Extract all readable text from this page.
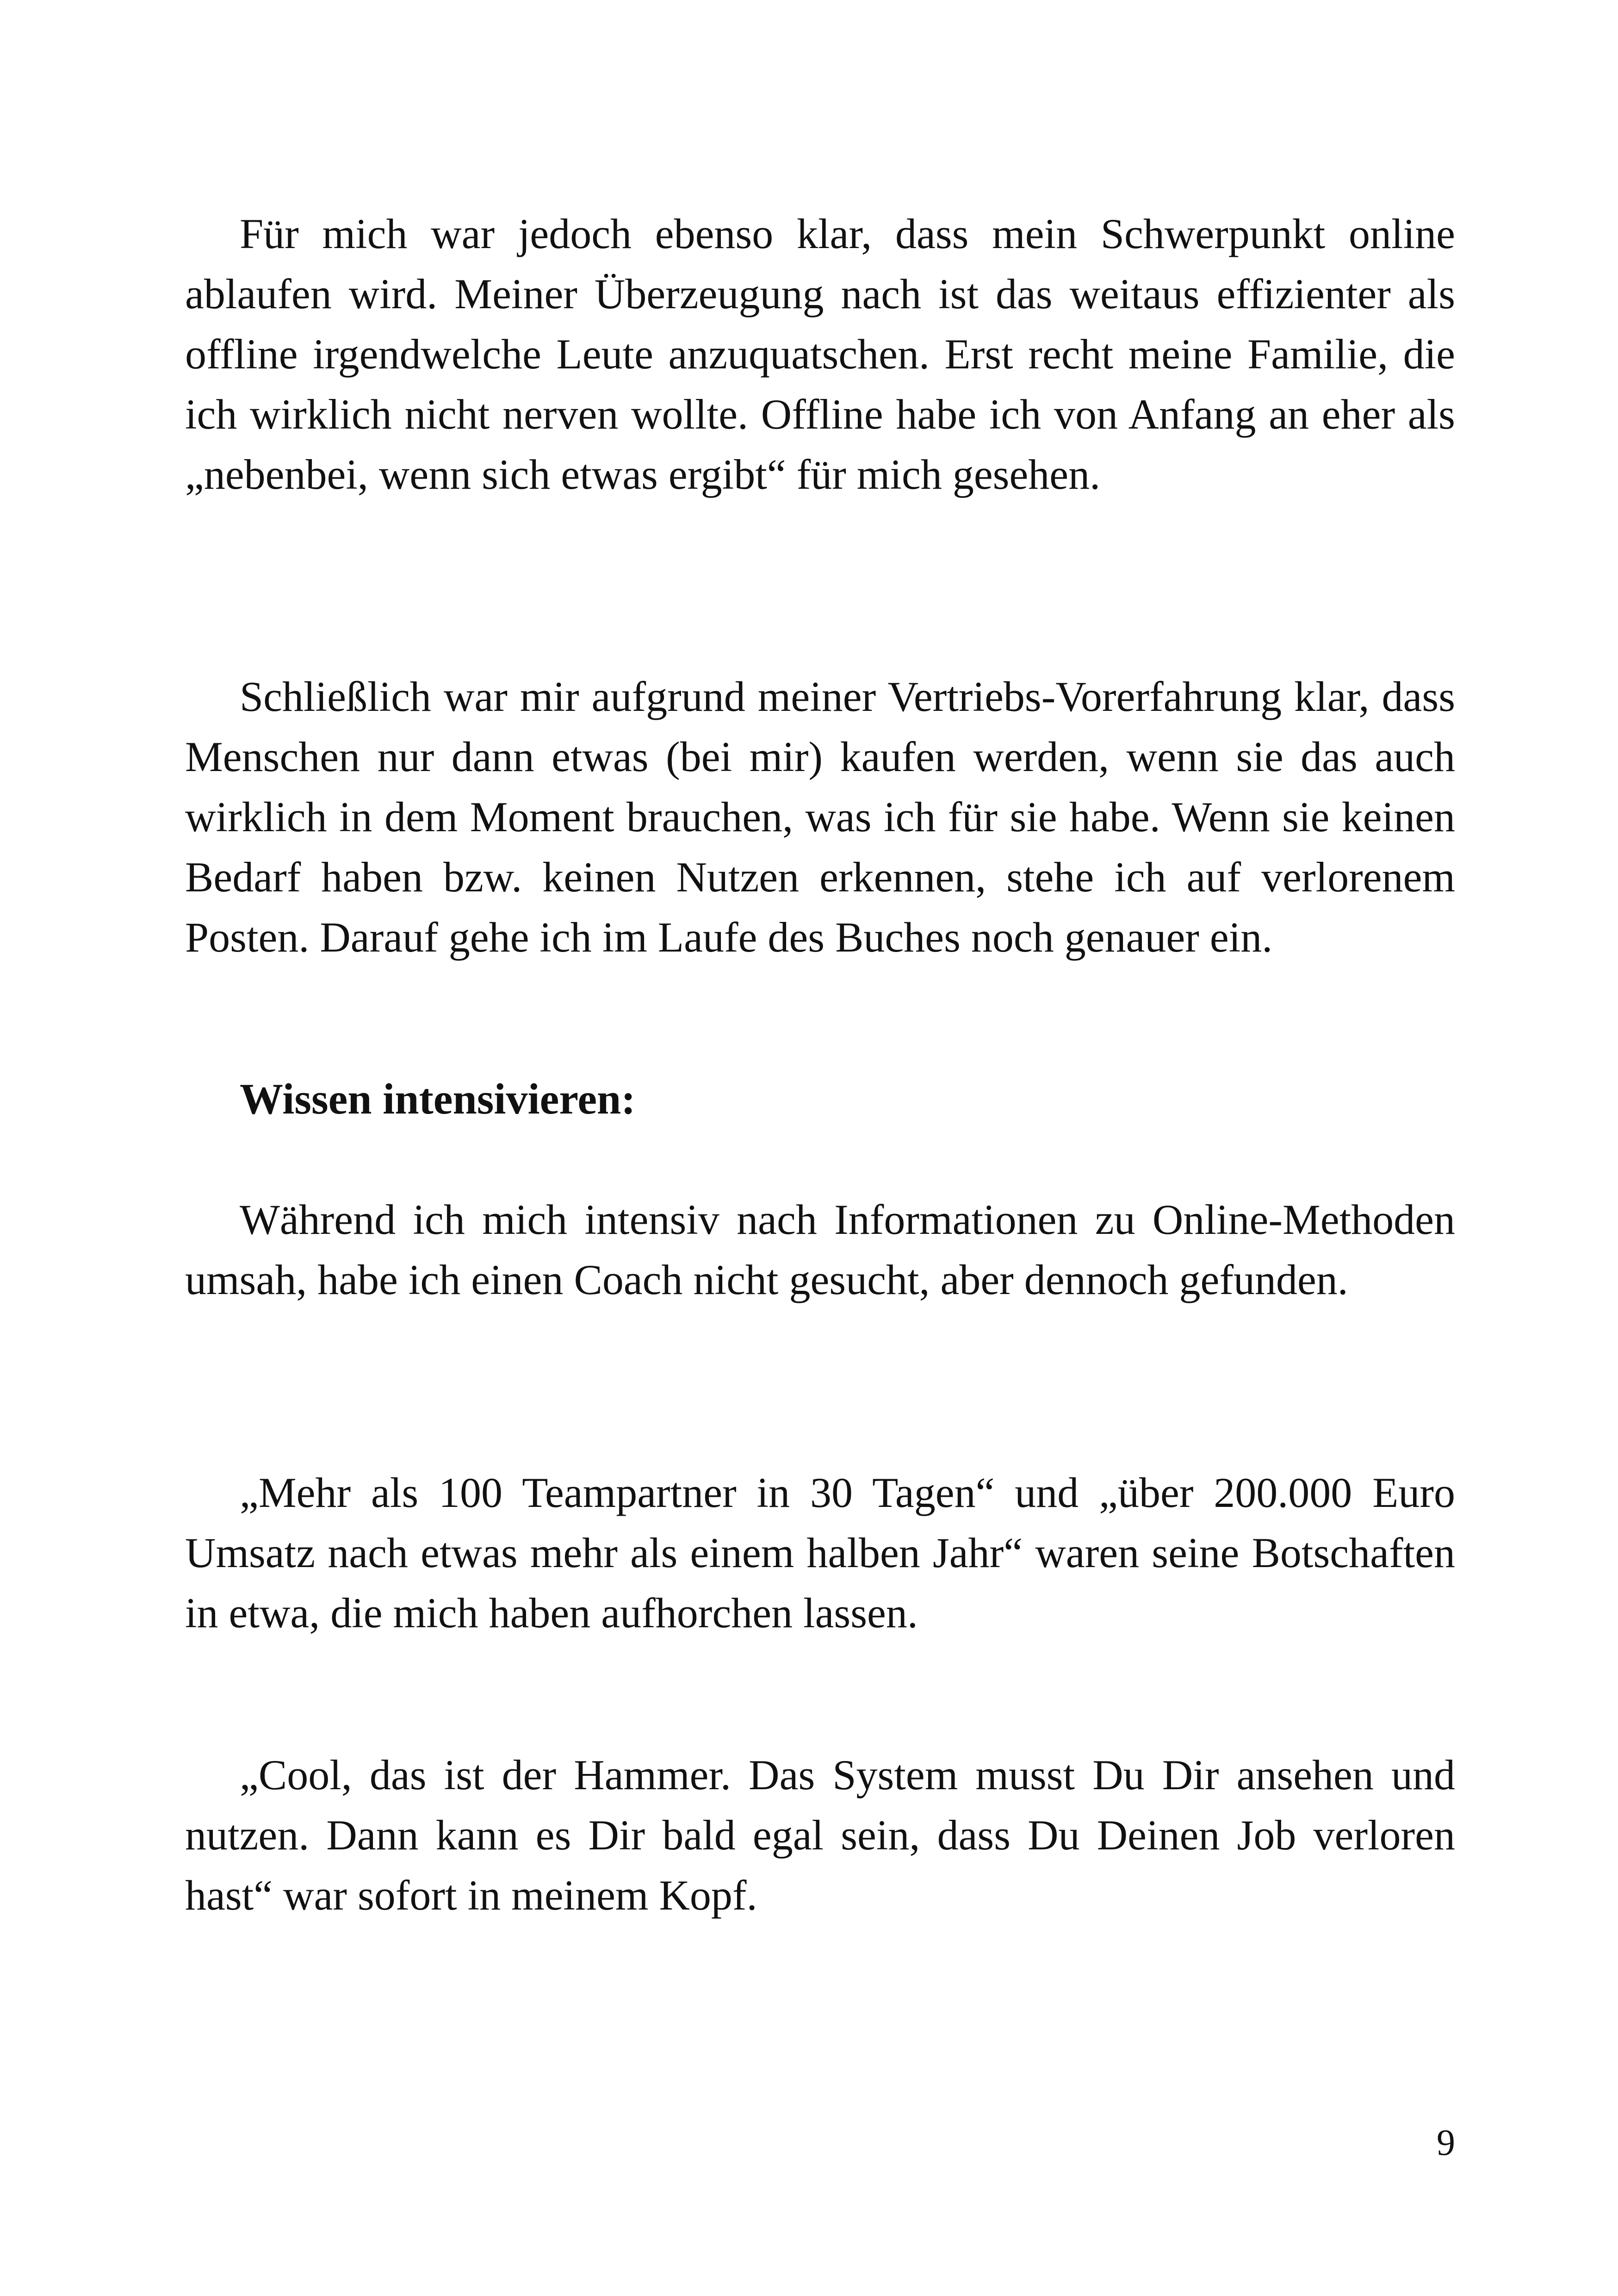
Für mich war jedoch ebenso klar, dass mein Schwerpunkt online ablaufen wird. Meiner Überzeugung nach ist das weitaus effizienter als offline irgendwelche Leute anzuquatschen. Erst recht meine Familie, die ich wirklich nicht nerven wollte. Offline habe ich von Anfang an eher als „nebenbei, wenn sich etwas ergibt“ für mich gesehen.

Schließlich war mir aufgrund meiner Vertriebs-Vorerfahrung klar, dass Menschen nur dann etwas (bei mir) kaufen werden, wenn sie das auch wirklich in dem Moment brauchen, was ich für sie habe. Wenn sie keinen Bedarf haben bzw. keinen Nutzen erkennen, stehe ich auf verlorenem Posten. Darauf gehe ich im Laufe des Buches noch genauer ein.

Wissen intensivieren:

Während ich mich intensiv nach Informationen zu Online-Methoden umsah, habe ich einen Coach nicht gesucht, aber dennoch gefunden.

„Mehr als 100 Teampartner in 30 Tagen“ und „über 200.000 Euro Umsatz nach etwas mehr als einem halben Jahr“ waren seine Botschaften in etwa, die mich haben aufhorchen lassen.

„Cool, das ist der Hammer. Das System musst Du Dir ansehen und nutzen. Dann kann es Dir bald egal sein, dass Du Deinen Job verloren hast“ war sofort in meinem Kopf.

9
